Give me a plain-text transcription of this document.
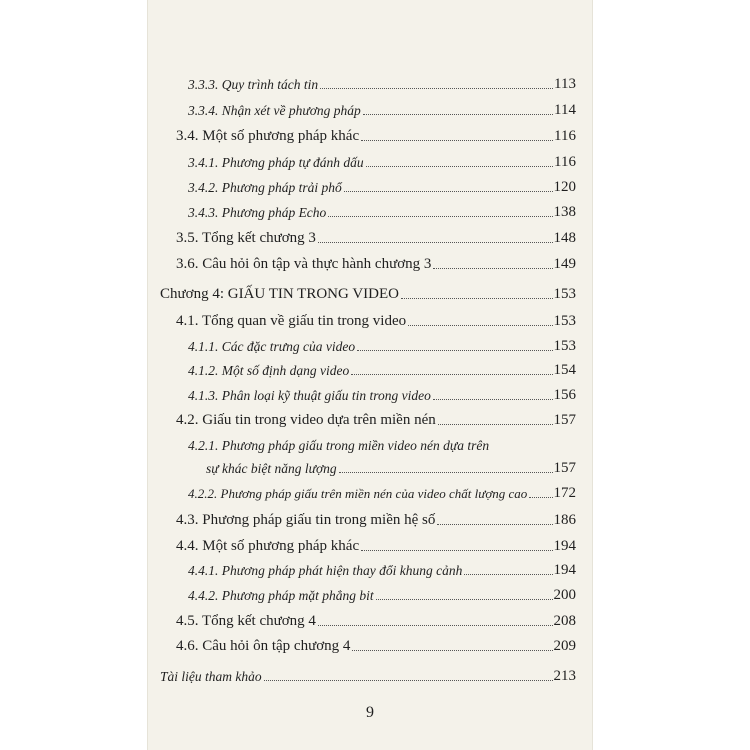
3.3.3. Quy trình tách tin	113
3.3.4. Nhận xét về phương pháp	114
3.4. Một số phương pháp khác	116
3.4.1. Phương pháp tự đánh dấu	116
3.4.2. Phương pháp trải phổ	120
3.4.3. Phương pháp Echo	138
3.5. Tổng kết chương 3	148
3.6. Câu hỏi ôn tập và thực hành chương 3	149
Chương 4: GIẤU TIN TRONG VIDEO	153
4.1. Tổng quan về giấu tin trong video	153
4.1.1. Các đặc trưng của video	153
4.1.2. Một số định dạng video	154
4.1.3. Phân loại kỹ thuật giấu tin trong video	156
4.2. Giấu tin trong video dựa trên miền nén	157
4.2.1. Phương pháp giấu trong miền video nén dựa trên
sự khác biệt năng lượng	157
4.2.2. Phương pháp giấu trên miền nén của video chất lượng cao 172
4.3. Phương pháp giấu tin trong miền hệ số	186
4.4. Một số phương pháp khác	194
4.4.1. Phương pháp phát hiện thay đổi khung cảnh	194
4.4.2. Phương pháp mặt phẳng bit	200
4.5. Tổng kết chương 4	208
4.6. Câu hỏi ôn tập chương 4	209
Tài liệu tham khảo	213
9
